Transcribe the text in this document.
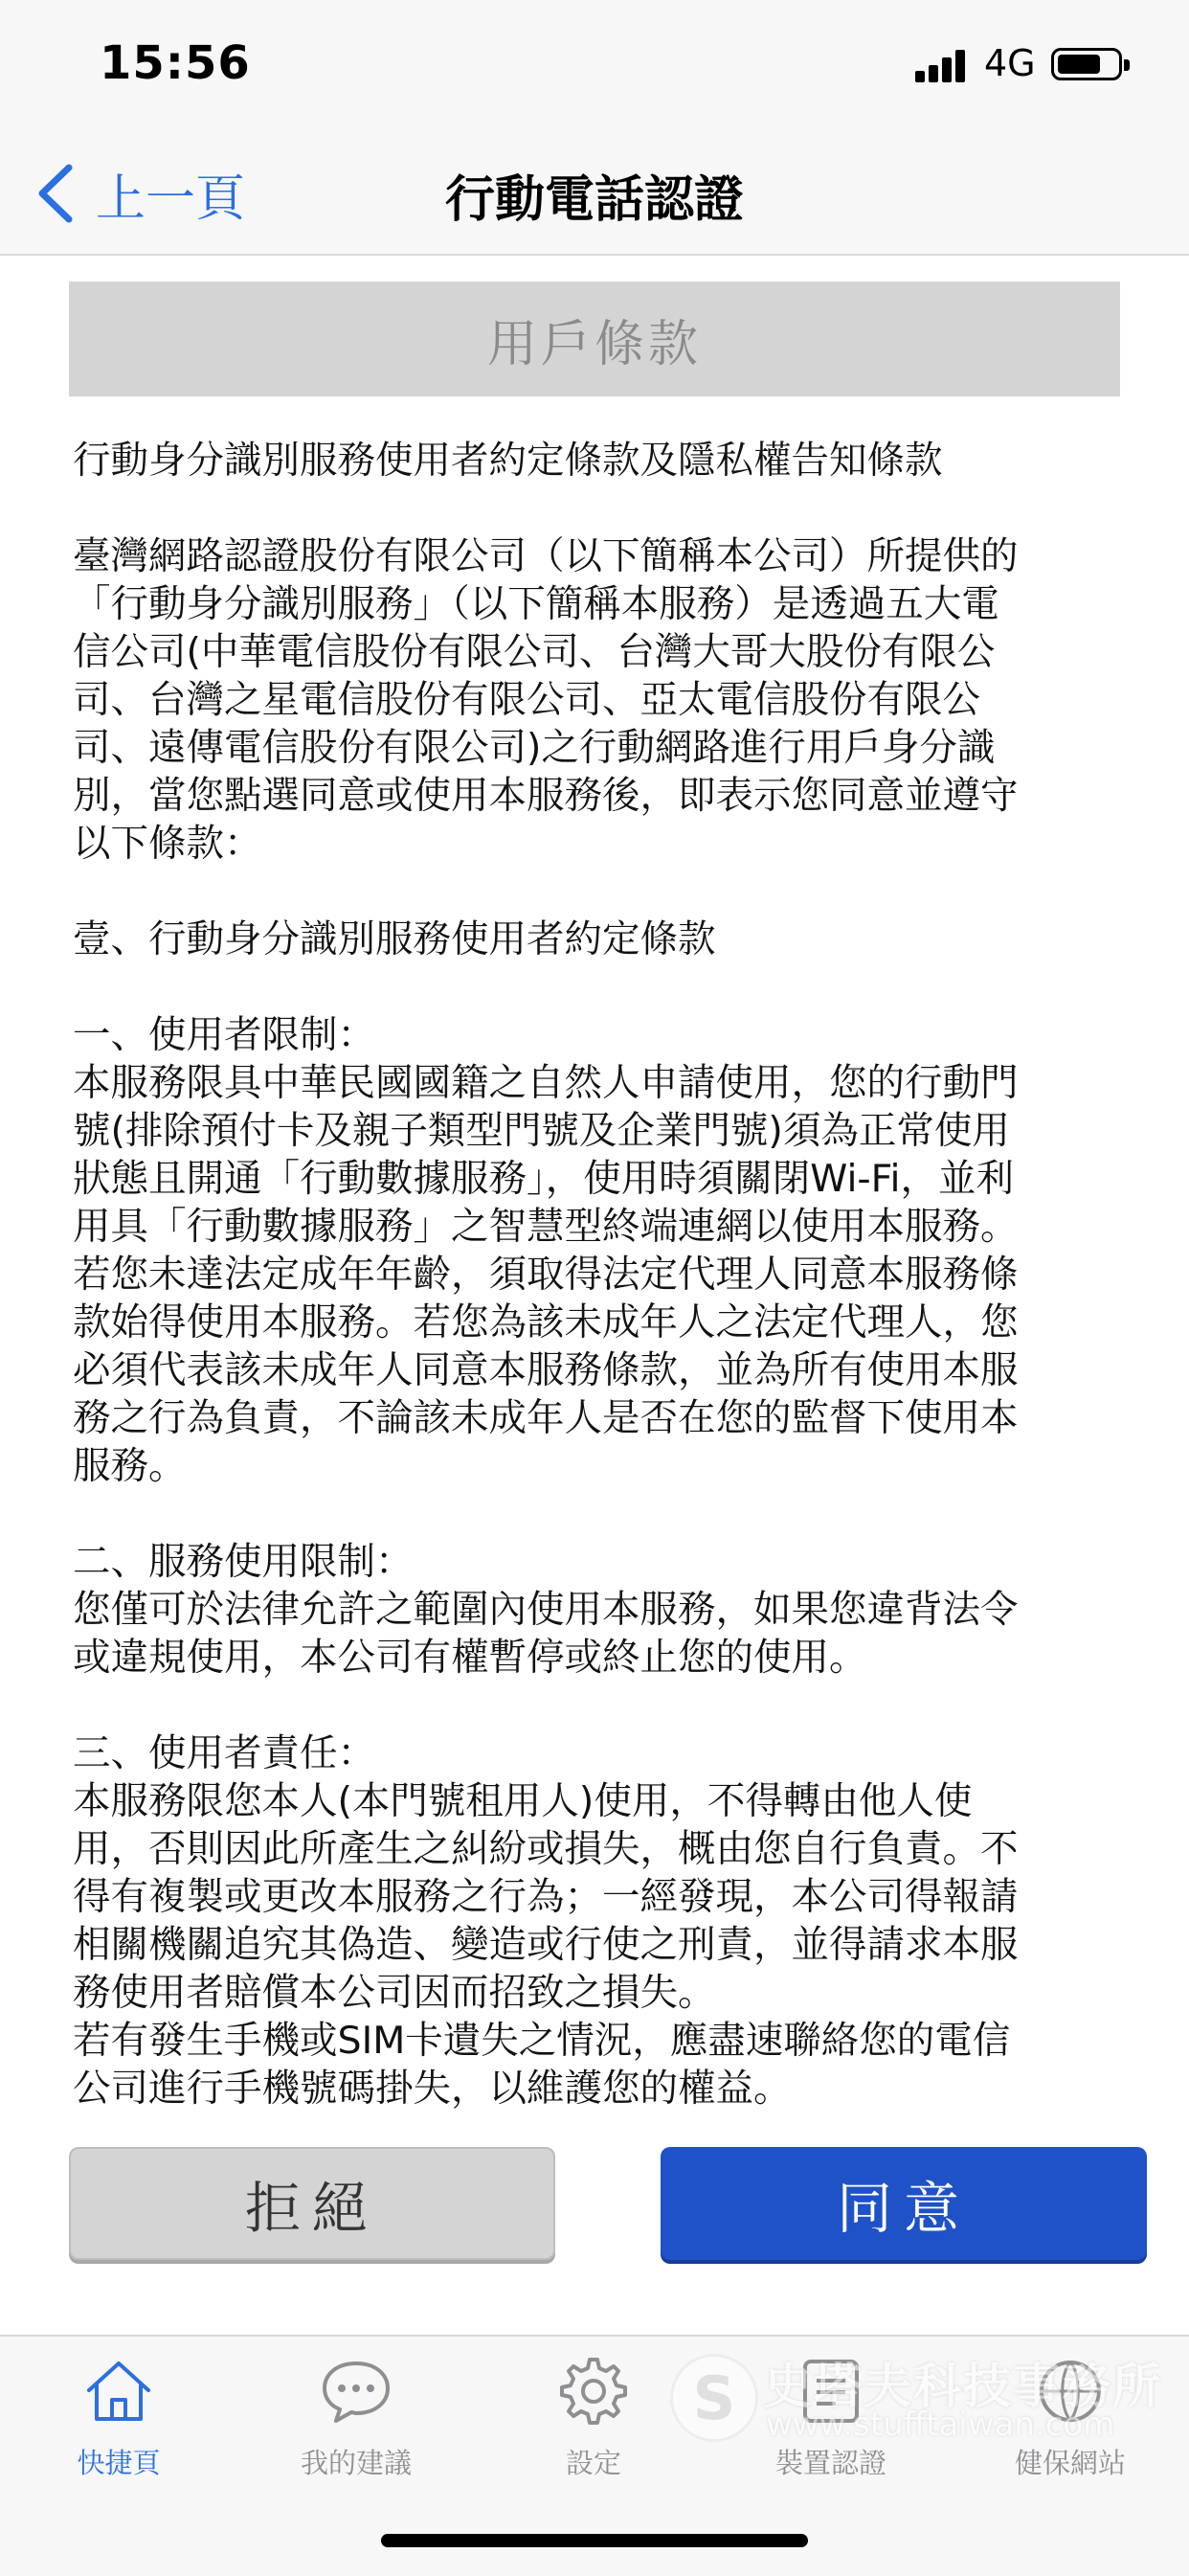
15:56	4G
上一頁	行動電話認證
用戶條款

行動身分識別服務使用者約定條款及隱私權告知條款

臺灣網路認證股份有限公司（以下簡稱本公司）所提供的
「行動身分識別服務」（以下簡稱本服務）是透過五大電
信公司(中華電信股份有限公司、台灣大哥大股份有限公
司、台灣之星電信股份有限公司、亞太電信股份有限公
司、遠傳電信股份有限公司)之行動網路進行用戶身分識
別，當您點選同意或使用本服務後，即表示您同意並遵守
以下條款：

壹、行動身分識別服務使用者約定條款

一、使用者限制：
本服務限具中華民國國籍之自然人申請使用，您的行動門
號(排除預付卡及親子類型門號及企業門號)須為正常使用
狀態且開通「行動數據服務」，使用時須關閉Wi-Fi，並利
用具「行動數據服務」之智慧型終端連網以使用本服務。
若您未達法定成年年齡，須取得法定代理人同意本服務條
款始得使用本服務。若您為該未成年人之法定代理人，您
必須代表該未成年人同意本服務條款，並為所有使用本服
務之行為負責，不論該未成年人是否在您的監督下使用本
服務。

二、服務使用限制：
您僅可於法律允許之範圍內使用本服務，如果您違背法令
或違規使用，本公司有權暫停或終止您的使用。

三、使用者責任：
本服務限您本人(本門號租用人)使用，不得轉由他人使
用，否則因此所產生之糾紛或損失，概由您自行負責。不
得有複製或更改本服務之行為；一經發現，本公司得報請
相關機關追究其偽造、變造或行使之刑責，並得請求本服
務使用者賠償本公司因而招致之損失。
若有發生手機或SIM卡遺失之情況，應盡速聯絡您的電信
公司進行手機號碼掛失，以維護您的權益。

拒絕	同意
快捷頁	我的建議	設定	裝置認證	健保網站
S 史塔夫科技事務所
www.stufftaiwan.com
